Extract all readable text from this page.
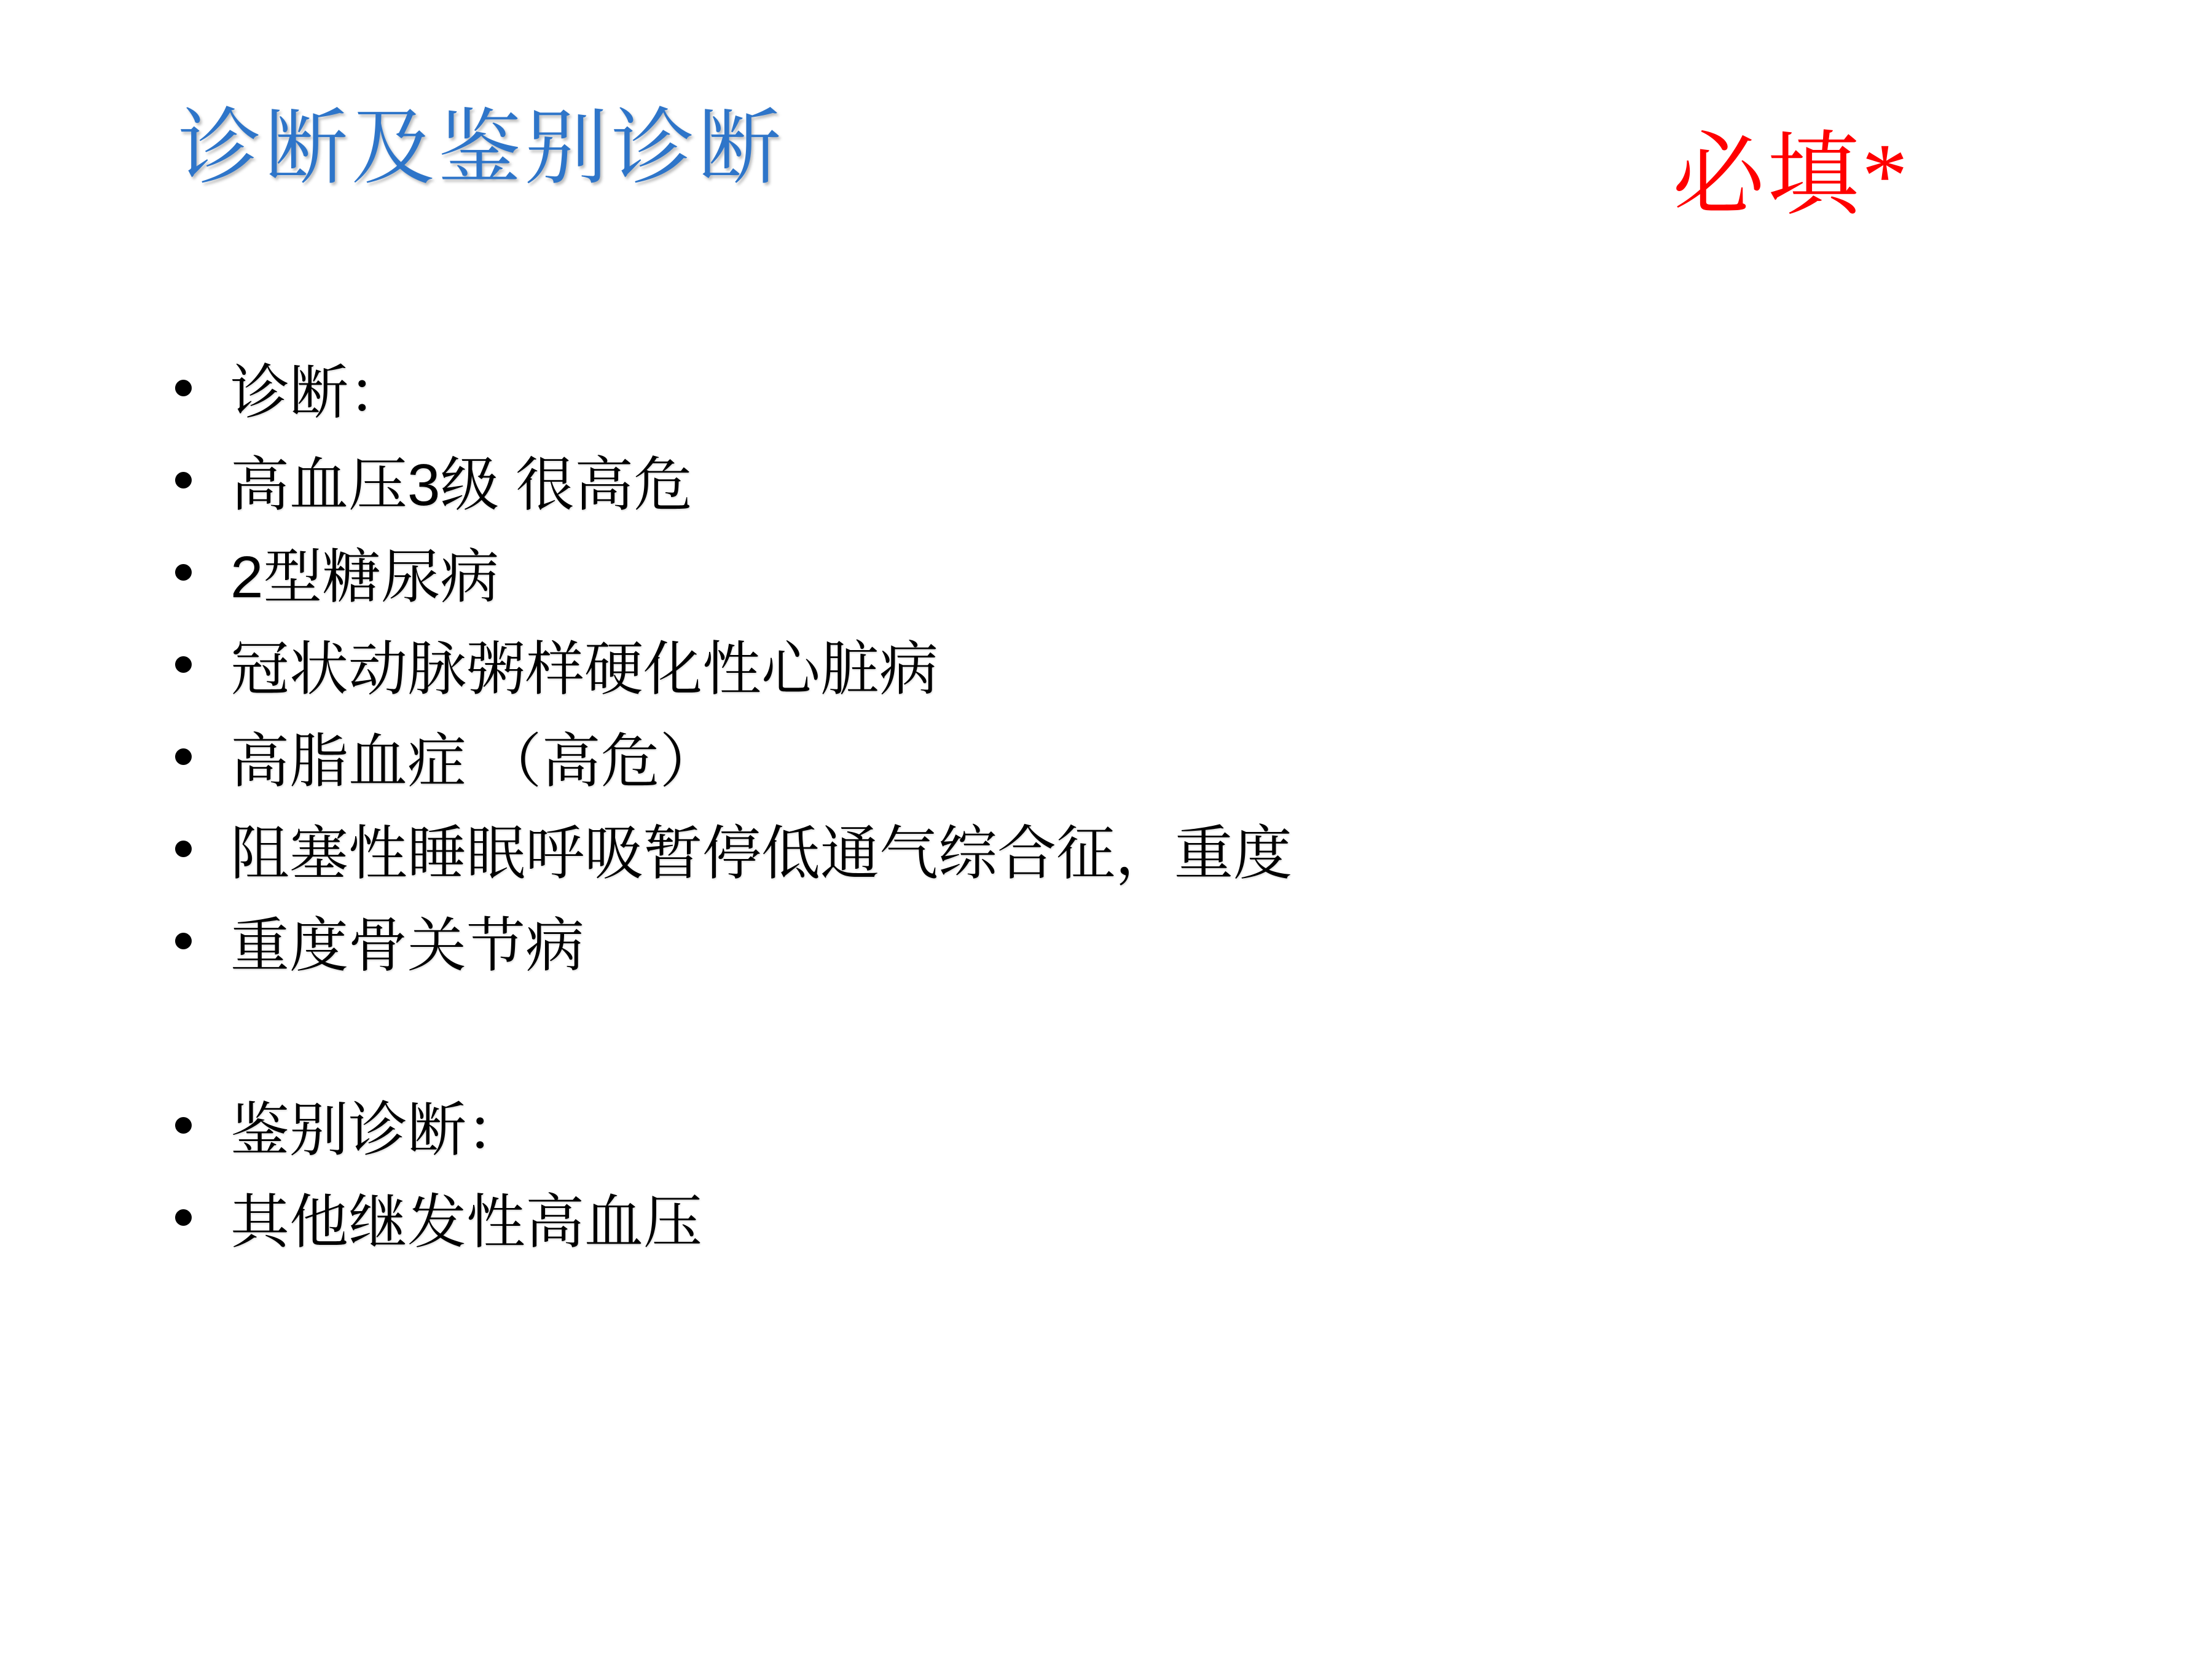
诊断及鉴别诊断	必填*
诊断：
高血压3级 很高危
2型糖尿病
冠状动脉粥样硬化性心脏病
高脂血症 （高危）
阻塞性睡眠呼吸暂停低通气综合征，重度
重度骨关节病
鉴别诊断：
其他继发性高血压
